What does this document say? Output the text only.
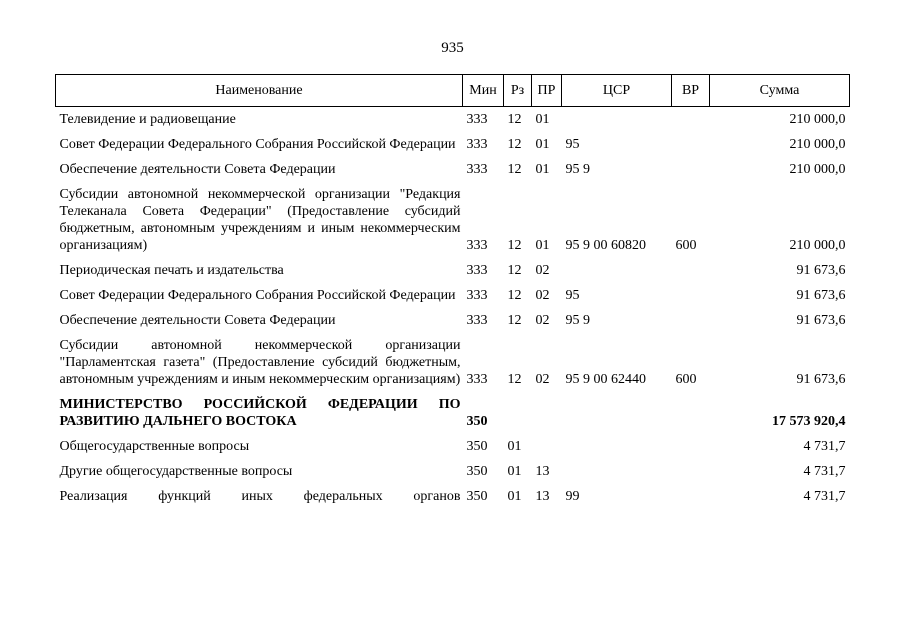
935
Наименование	Мин	Рз	ПР	ЦСР	ВР	Сумма
Телевидение и радиовещание	333	12	01			210 000,0
Совет Федерации Федерального Собрания Российской Федерации	333	12	01	95		210 000,0
Обеспечение деятельности Совета Федерации	333	12	01	95 9		210 000,0
Субсидии автономной некоммерческой организации "Редакция Телеканала Совета Федерации" (Предоставление субсидий бюджетным, автономным учреждениям и иным некоммерческим организациям)	333	12	01	95 9 00 60820	600	210 000,0
Периодическая печать и издательства	333	12	02			91 673,6
Совет Федерации Федерального Собрания Российской Федерации	333	12	02	95		91 673,6
Обеспечение деятельности Совета Федерации	333	12	02	95 9		91 673,6
Субсидии автономной некоммерческой организации "Парламентская газета" (Предоставление субсидий бюджетным, автономным учреждениям и иным некоммерческим организациям)	333	12	02	95 9 00 62440	600	91 673,6
МИНИСТЕРСТВО РОССИЙСКОЙ ФЕДЕРАЦИИ ПО РАЗВИТИЮ ДАЛЬНЕГО ВОСТОКА	350					17 573 920,4
Общегосударственные вопросы	350	01				4 731,7
Другие общегосударственные вопросы	350	01	13			4 731,7
Реализация функций иных федеральных органов	350	01	13	99		4 731,7
